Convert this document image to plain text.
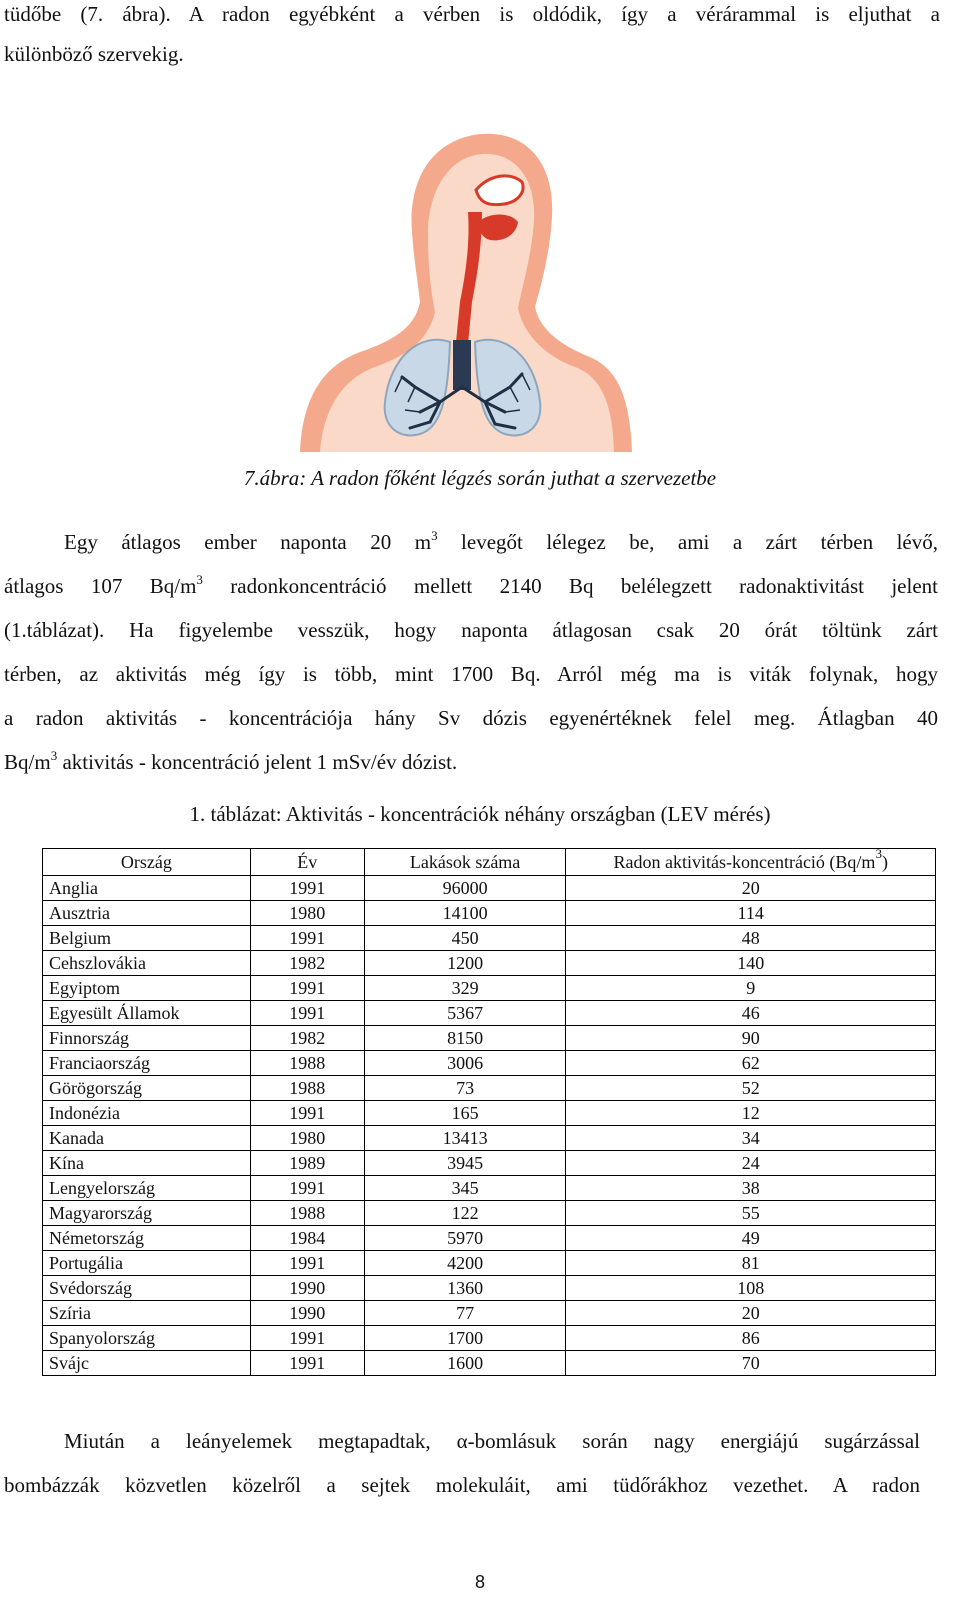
tüdőbe (7. ábra). A radon egyébként a vérben is oldódik, így a vérárammal is eljuthat a
különböző szervekig.
7.ábra: A radon főként légzés során juthat a szervezetbe
Egy átlagos ember naponta 20 $m^3$ levegőt lélegez be, ami a zárt térben lévő,
átlagos 107 $Bq/m^3$ radonkoncentráció mellett 2140 Bq belélegzett radonaktivitást jelent
(1.táblázat). Ha figyelembe vesszük, hogy naponta átlagosan csak 20 órát töltünk zárt
térben, az aktivitás még így is több, mint 1700 Bq. Arról még ma is viták folynak, hogy
a radon aktivitás - koncentrációja hány Sv dózis egyenértéknek felel meg. Átlagban 40
$Bq/m^3$ aktivitás - koncentráció jelent 1 mSv/év dózist.
1. táblázat: Aktivitás - koncentrációk néhány országban (LEV mérés)
Ország	Év	Lakások száma	Radon aktivitás-koncentráció $(Bq/m^3)$
Anglia	1991	96000	20
Ausztria	1980	14100	114
Belgium	1991	450	48
Cehszlovákia	1982	1200	140
Egyiptom	1991	329	9
Egyesült Államok	1991	5367	46
Finnország	1982	8150	90
Franciaország	1988	3006	62
Görögország	1988	73	52
Indonézia	1991	165	12
Kanada	1980	13413	34
Kína	1989	3945	24
Lengyelország	1991	345	38
Magyarország	1988	122	55
Németország	1984	5970	49
Portugália	1991	4200	81
Svédország	1990	1360	108
Szíria	1990	77	20
Spanyolország	1991	1700	86
Svájc	1991	1600	70
Miután a leányelemek megtapadtak, α-bomlásuk során nagy energiájú sugárzással
bombázzák közvetlen közelről a sejtek molekuláit, ami tüdőrákhoz vezethet. A radon
8
